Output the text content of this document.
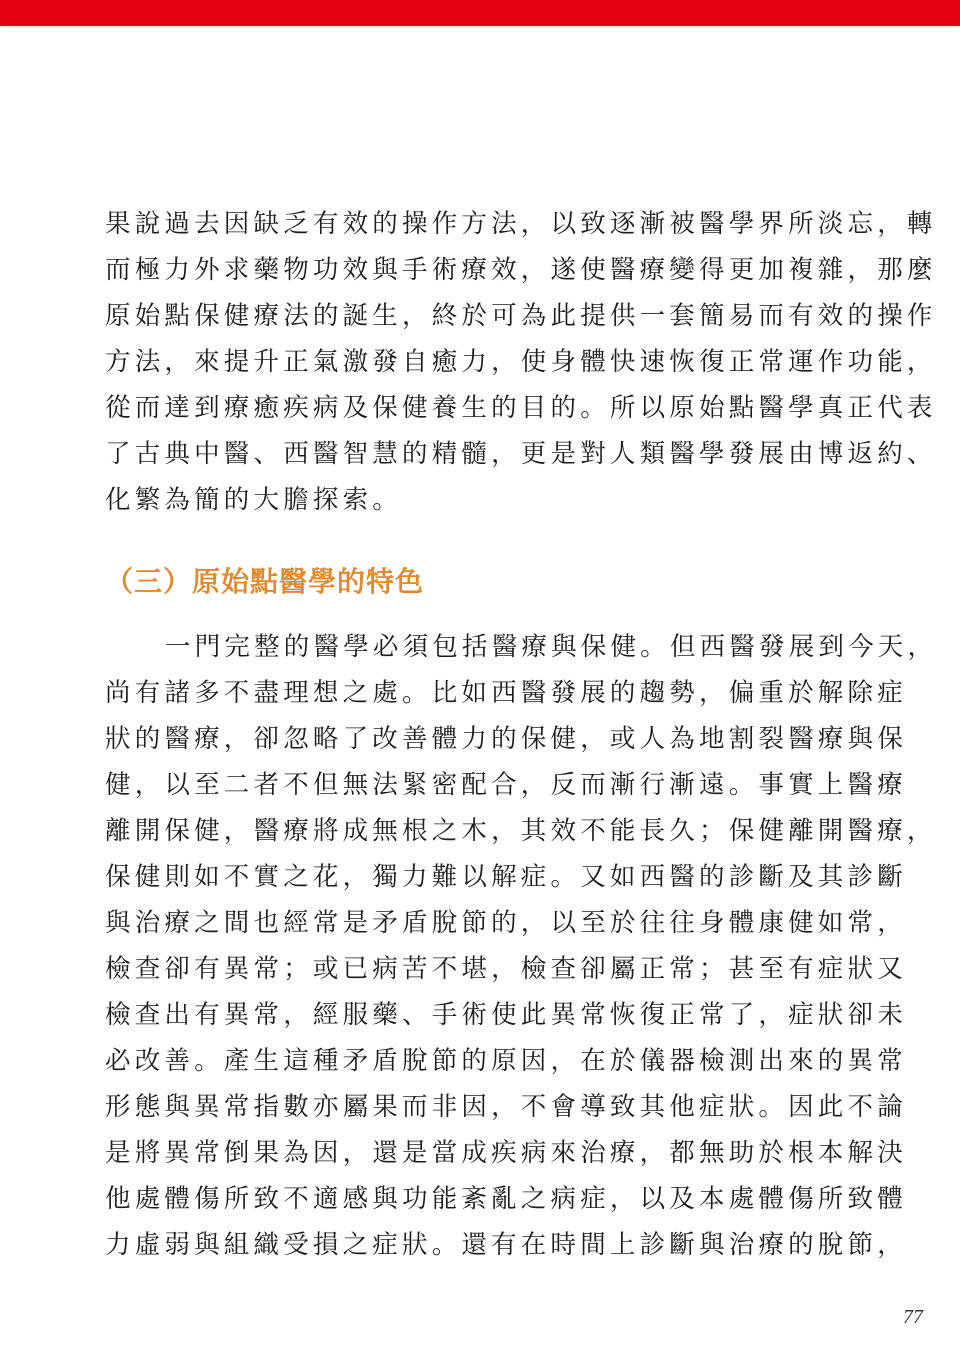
果說過去因缺乏有效的操作方法，以致逐漸被醫學界所淡忘，轉
而極力外求藥物功效與手術療效，遂使醫療變得更加複雜，那麼
原始點保健療法的誕生，終於可為此提供一套簡易而有效的操作
方法，來提升正氣激發自癒力，使身體快速恢復正常運作功能，
從而達到療癒疾病及保健養生的目的。所以原始點醫學真正代表
了古典中醫、西醫智慧的精髓，更是對人類醫學發展由博返約、
化繁為簡的大膽探索。
（三）原始點醫學的特色
一門完整的醫學必須包括醫療與保健。但西醫發展到今天，
尚有諸多不盡理想之處。比如西醫發展的趨勢，偏重於解除症
狀的醫療，卻忽略了改善體力的保健，或人為地割裂醫療與保
健，以至二者不但無法緊密配合，反而漸行漸遠。事實上醫療
離開保健，醫療將成無根之木，其效不能長久；保健離開醫療，
保健則如不實之花，獨力難以解症。又如西醫的診斷及其診斷
與治療之間也經常是矛盾脫節的，以至於往往身體康健如常，
檢查卻有異常；或已病苦不堪，檢查卻屬正常；甚至有症狀又
檢查出有異常，經服藥、手術使此異常恢復正常了，症狀卻未
必改善。產生這種矛盾脫節的原因，在於儀器檢測出來的異常
形態與異常指數亦屬果而非因，不會導致其他症狀。因此不論
是將異常倒果為因，還是當成疾病來治療，都無助於根本解決
他處體傷所致不適感與功能紊亂之病症，以及本處體傷所致體
力虛弱與組織受損之症狀。還有在時間上診斷與治療的脫節，
77
